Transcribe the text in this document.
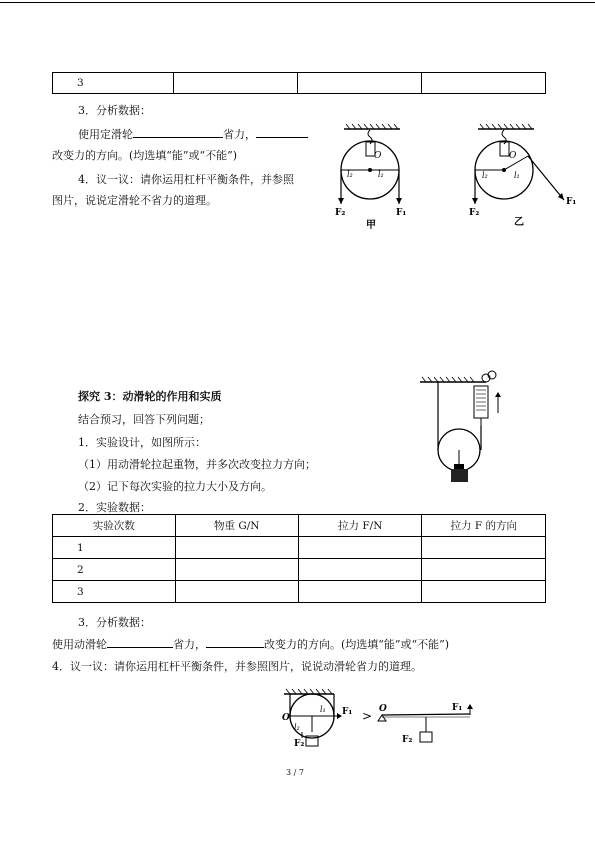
3			
3．分析数据：
使用定滑轮	省力，
改变力的方向。(均选填“能”或“不能”)
4．议一议：请你运用杠杆平衡条件，并参照
图片，说说定滑轮不省力的道理。
O
l₁
l₂
F₂	F₁
甲
O
l₁
l₂
F₂
F₁
乙
探究 3：动滑轮的作用和实质
结合预习，回答下列问题；
1．实验设计，如图所示：
（1）用动滑轮拉起重物，并多次改变拉力方向；
（2）记下每次实验的拉力大小及方向。
2．实验数据：
实验次数	物重 G/N	拉力 F/N	拉力 F 的方向
1			
2			
3			
3．分析数据：
使用动滑轮	省力，	改变力的方向。(均选填“能”或“不能”)
4．议一议：请你运用杠杆平衡条件，并参照图片，说说动滑轮省力的道理。
O
l₁
l₂
F₁
F₂
> O	F₁
F₂
3 / 7
